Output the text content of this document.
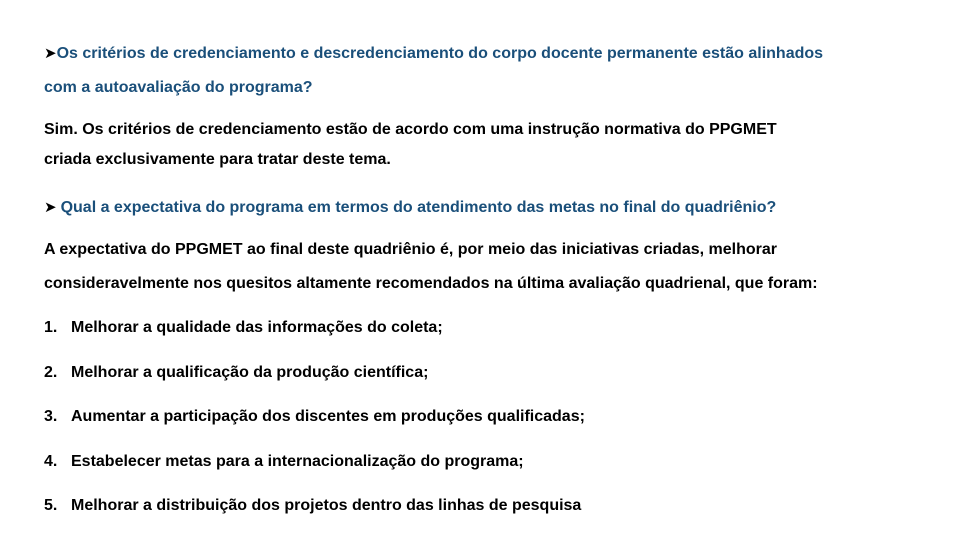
➤Os critérios de credenciamento e descredenciamento do corpo docente permanente estão alinhados
com a autoavaliação do programa?
Sim. Os critérios de credenciamento estão de acordo com uma instrução normativa do PPGMET
criada exclusivamente para tratar deste tema.
➤ Qual a expectativa do programa em termos do atendimento das metas no final do quadriênio?
A expectativa do PPGMET ao final deste quadriênio é, por meio das iniciativas criadas, melhorar
consideravelmente nos quesitos altamente recomendados na última avaliação quadrienal, que foram:
1. Melhorar a qualidade das informações do coleta;
2. Melhorar a qualificação da produção científica;
3. Aumentar a participação dos discentes em produções qualificadas;
4. Estabelecer metas para a internacionalização do programa;
5. Melhorar a distribuição dos projetos dentro das linhas de pesquisa
